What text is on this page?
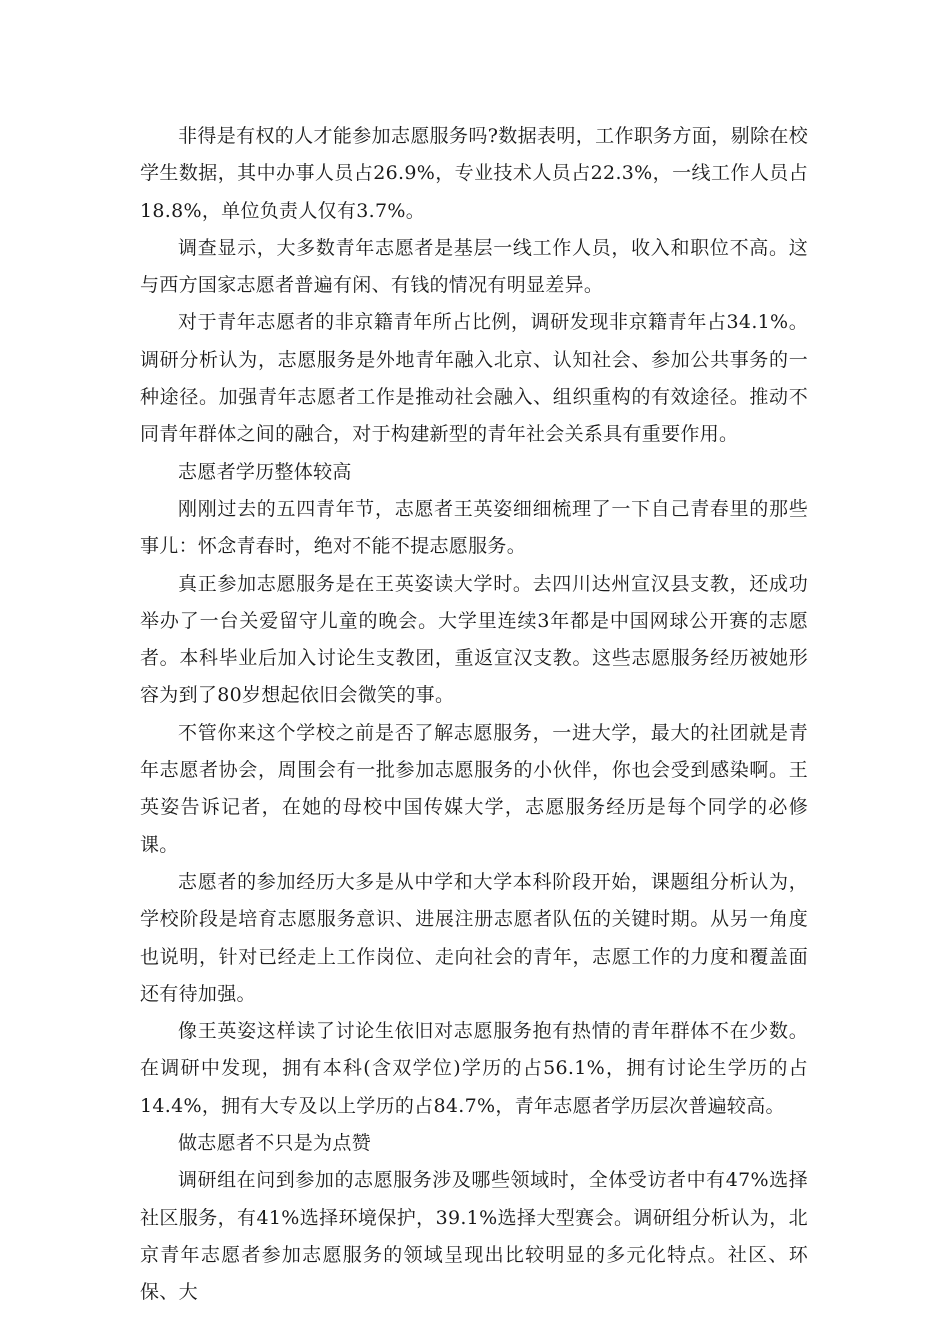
非得是有权的人才能参加志愿服务吗?数据表明，工作职务方面，剔除在校学生数据，其中办事人员占26.9%，专业技术人员占22.3%，一线工作人员占18.8%，单位负责人仅有3.7%。

调查显示，大多数青年志愿者是基层一线工作人员，收入和职位不高。这与西方国家志愿者普遍有闲、有钱的情况有明显差异。

对于青年志愿者的非京籍青年所占比例，调研发现非京籍青年占34.1%。调研分析认为，志愿服务是外地青年融入北京、认知社会、参加公共事务的一种途径。加强青年志愿者工作是推动社会融入、组织重构的有效途径。推动不同青年群体之间的融合，对于构建新型的青年社会关系具有重要作用。

志愿者学历整体较高

刚刚过去的五四青年节，志愿者王英姿细细梳理了一下自己青春里的那些事儿：怀念青春时，绝对不能不提志愿服务。

真正参加志愿服务是在王英姿读大学时。去四川达州宣汉县支教，还成功举办了一台关爱留守儿童的晚会。大学里连续3年都是中国网球公开赛的志愿者。本科毕业后加入讨论生支教团，重返宣汉支教。这些志愿服务经历被她形容为到了80岁想起依旧会微笑的事。

不管你来这个学校之前是否了解志愿服务，一进大学，最大的社团就是青年志愿者协会，周围会有一批参加志愿服务的小伙伴，你也会受到感染啊。王英姿告诉记者，在她的母校中国传媒大学，志愿服务经历是每个同学的必修课。

志愿者的参加经历大多是从中学和大学本科阶段开始，课题组分析认为，学校阶段是培育志愿服务意识、进展注册志愿者队伍的关键时期。从另一角度也说明，针对已经走上工作岗位、走向社会的青年，志愿工作的力度和覆盖面还有待加强。

像王英姿这样读了讨论生依旧对志愿服务抱有热情的青年群体不在少数。在调研中发现，拥有本科(含双学位)学历的占56.1%，拥有讨论生学历的占14.4%，拥有大专及以上学历的占84.7%，青年志愿者学历层次普遍较高。

做志愿者不只是为点赞

调研组在问到参加的志愿服务涉及哪些领域时，全体受访者中有47%选择社区服务，有41%选择环境保护，39.1%选择大型赛会。调研组分析认为，北京青年志愿者参加志愿服务的领域呈现出比较明显的多元化特点。社区、环保、大
